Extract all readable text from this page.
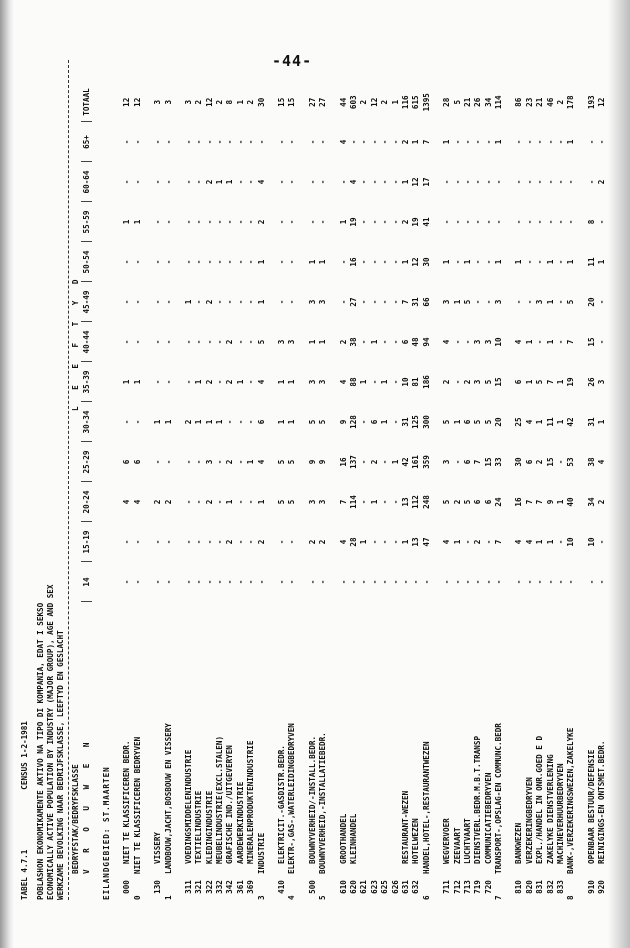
-44-
TABEL 4.7.1
CENSUS 1-2-1981 POBLASHON EKONOMIKAMENTE AKTIVO NA TIPO DI KOMPANIA, EDAT I SEKSO ECONOMICALLY ACTIVE POPULATION BY INDUSTRY (MAJOR GROUP), AGE AND SEX WERKZAME BEVOLKING NAAR BEDRIJFSKLASSE, LEEFTYD EN GESLACHT
	BEDRYFSTAK/BEDRYFSKLASSE	L E E F T Y D												
	V R O U W E N	14	15-19	20-24	25-29	30-34	35-39	40-44	45-49	50-54	55-59	60-64	65+	TOTAAL

EILANDGEBIED: ST.MAARTEN														

000	NIET TE KLASSIFICEREN BEDR.	-	-	4	6	-	1	-	-	-	1	-	-	12
0	NIET TE KLASSIFICEREN BEDRYVEN	-	-	4	6	-	1	-	-	-	1	-	-	12

130	VISSERY	-	-	2	-	1	-	-	-	-	-	-	-	3
1	LANDBOUW,JACHT,BOSBOUW EN VISSERY	-	-	2	-	1	-	-	-	-	-	-	-	3

311	VOEDINGSMIDDELENINDUSTRIE	-	-	-	-	2	-	-	1	-	-	-	-	3
321	TEXTIELINDUSTRIE	-	-	-	-	1	1	-	-	-	-	-	-	2
322	KLEDINGINDUSTRIE	-	-	2	3	1	2	-	2	-	-	2	-	12
332	MEUBELINDUSTRIE(EXCL.STALEN)	-	-	-	-	1	-	-	-	-	-	1	-	2
342	GRAFISCHE IND./UITGEVERYEN	-	2	1	2	-	2	2	-	-	-	1	-	8
361	AARDEWERKINDUSTRIE	-	-	-	-	-	1	-	-	-	-	-	-	1
369	MINERALENPRODUKTENINDUSTRIE	-	-	-	1	-	-	-	-	-	-	-	-	2
3	INDUSTRIE	-	2	1	4	6	4	5	1	1	2	4	-	30

410	ELEKTRICIT.-GASDISTR.BEDR.	-	-	5	5	1	1	3	-	-	-	-	-	15
4	ELEKTR-,GAS-,WATERLEIDINGBEDRYVEN	-	-	5	5	1	1	3	-	-	-	-	-	15

500	BOUWNYVERHEID/-INSTALL.BEDR.	-	2	3	9	5	3	1	3	1	-	-	-	27
5	BOUWNYVERHEID,-INSTALLATIEBEDR.	-	2	3	9	5	3	1	3	1	-	-	-	27

610	GROOTHANDEL	-	4	7	16	9	4	2	-	-	1	-	4	44
620	KLEINHANDEL	-	28	114	137	128	88	38	27	16	19	4	-	603
621		-	1	-	-	-	1	-	-	-	-	-	-	2
623		-	-	1	2	6	-	1	-	-	-	-	-	12
625		-	-	-	-	1	1	-	-	-	-	-	-	2
626		-	-	-	1	-	-	-	-	-	-	-	-	1
631	RESTAURANT-WEZEN	-	1	13	42	31	10	6	7	1	2	1	2	116
632	HOTELWEZEN	-	13	112	161	125	81	48	31	12	19	12	1	615
6	HANDEL,HOTEL-,RESTAURANTWEZEN	-	47	248	359	300	186	94	66	30	41	17	7	1395

711	WEGVERVOER	-	4	5	3	5	2	4	3	1	-	-	1	28
712	ZEEVAART	-	1	2	-	1	-	-	1	-	-	-	-	5
713	LUCHTVAART	-	-	5	6	6	2	-	5	1	-	-	-	21
719	DIENSTVERL.BEDR.M.B.T.TRANSP	-	2	6	7	5	3	3	-	-	-	-	-	26
720	COMMUNICATIEBEDRYVEN	-	-	6	15	5	5	3	-	-	-	-	-	34
7	TRANSPORT-,OPSLAG-EN COMMUNC.BEDR	-	7	24	33	20	15	10	3	1	-	-	1	114

810	BANKWEZEN	-	4	16	30	25	6	4	-	1	-	-	-	86
820	VERZEKERINGBEDRYVEN	-	4	7	6	4	1	1	-	-	-	-	-	23
831	EXPL./HANDEL IN ONR.GOED E D	-	1	7	2	1	5	-	3	-	-	-	-	21
832	ZAKELYKE DIENSTVERLENING	-	1	9	15	11	7	1	1	1	-	-	-	46
833	MACHINEVERHUURBEDRYVEN	-	-	1	-	1	1	-	-	-	-	-	-	2
8	BANK-,VERZEKERINGSWEZEN,ZAKELYKE	-	10	40	53	42	19	7	5	1	-	-	1	178

910	OPENBAAR BESTUUR/DEFENSIE	-	10	34	38	31	26	15	20	11	8	-	-	193
920	REINIGINGS-EN ONTSMET.BEDR.	-	-	2	4	1	3	-	-	1	-	2	-	12
